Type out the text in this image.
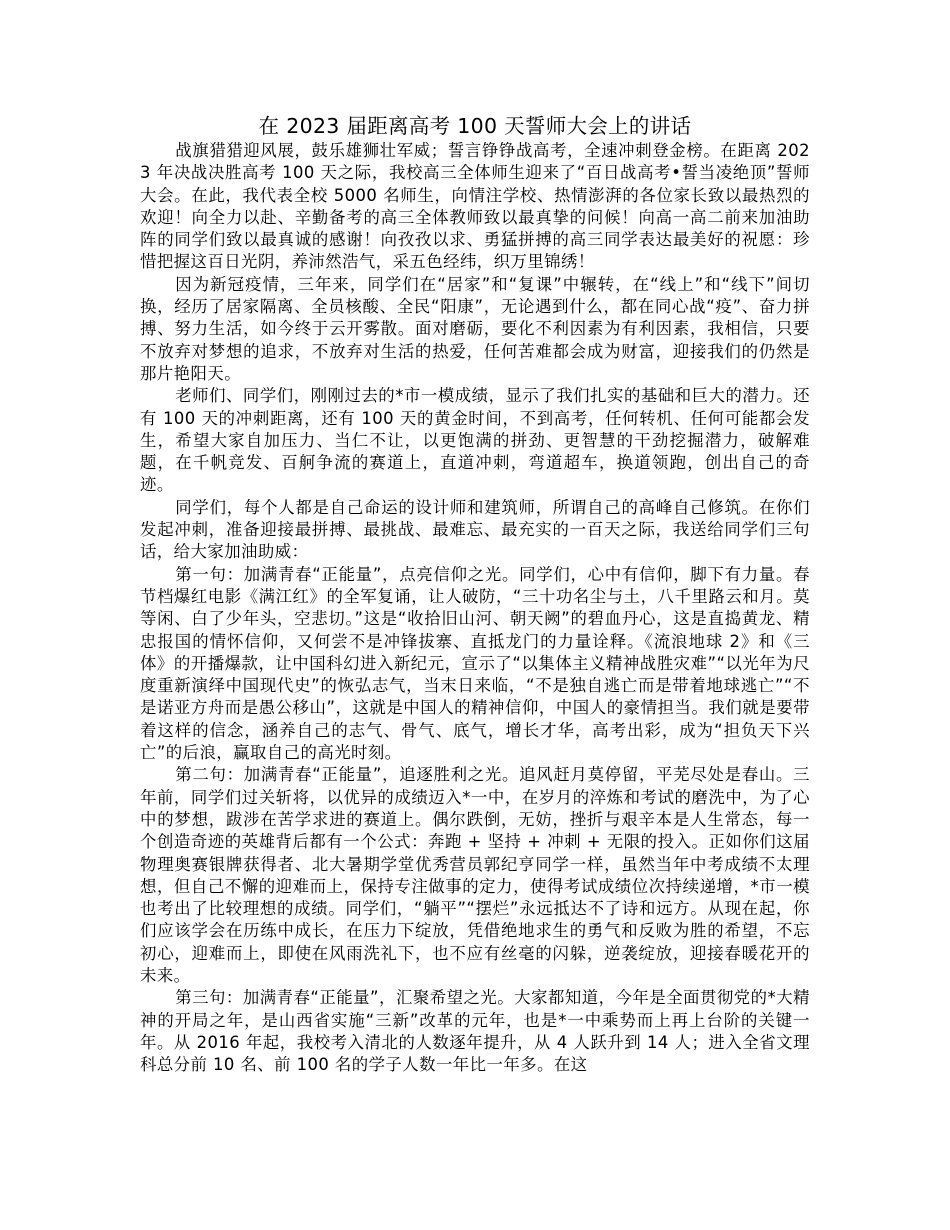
在 2023 届距离高考 100 天誓师大会上的讲话

战旗猎猎迎风展，鼓乐雄狮壮军威；誓言铮铮战高考，全速冲刺登金榜。在距离 2023 年决战决胜高考 100 天之际，我校高三全体师生迎来了“百日战高考•誓当凌绝顶”誓师大会。在此，我代表全校 5000 名师生，向情注学校、热情澎湃的各位家长致以最热烈的欢迎！向全力以赴、辛勤备考的高三全体教师致以最真挚的问候！向高一高二前来加油助阵的同学们致以最真诚的感谢！向孜孜以求、勇猛拼搏的高三同学表达最美好的祝愿：珍惜把握这百日光阴，养沛然浩气，采五色经纬，织万里锦绣！

因为新冠疫情，三年来，同学们在“居家”和“复课”中辗转，在“线上”和“线下”间切换，经历了居家隔离、全员核酸、全民“阳康”，无论遇到什么，都在同心战“疫”、奋力拼搏、努力生活，如今终于云开雾散。面对磨砺，要化不利因素为有利因素，我相信，只要不放弃对梦想的追求，不放弃对生活的热爱，任何苦难都会成为财富，迎接我们的仍然是那片艳阳天。

老师们、同学们，刚刚过去的*市一模成绩，显示了我们扎实的基础和巨大的潜力。还有 100 天的冲刺距离，还有 100 天的黄金时间，不到高考，任何转机、任何可能都会发生，希望大家自加压力、当仁不让，以更饱满的拼劲、更智慧的干劲挖掘潜力，破解难题，在千帆竞发、百舸争流的赛道上，直道冲刺，弯道超车，换道领跑，创出自己的奇迹。

同学们，每个人都是自己命运的设计师和建筑师，所谓自己的高峰自己修筑。在你们发起冲刺，准备迎接最拼搏、最挑战、最难忘、最充实的一百天之际，我送给同学们三句话，给大家加油助威：

第一句：加满青春“正能量”，点亮信仰之光。同学们，心中有信仰，脚下有力量。春节档爆红电影《满江红》的全军复诵，让人破防，“三十功名尘与土，八千里路云和月。莫等闲、白了少年头，空悲切。”这是“收拾旧山河、朝天阙”的碧血丹心，这是直捣黄龙、精忠报国的情怀信仰，又何尝不是冲锋拔寨、直抵龙门的力量诠释。《流浪地球 2》和《三体》的开播爆款，让中国科幻进入新纪元，宣示了“以集体主义精神战胜灾难”“以光年为尺度重新演绎中国现代史”的恢弘志气，当末日来临，“不是独自逃亡而是带着地球逃亡”“不是诺亚方舟而是愚公移山”，这就是中国人的精神信仰，中国人的豪情担当。我们就是要带着这样的信念，涵养自己的志气、骨气、底气，增长才华，高考出彩，成为“担负天下兴亡”的后浪，赢取自己的高光时刻。

第二句：加满青春“正能量”，追逐胜利之光。追风赶月莫停留，平芜尽处是春山。三年前，同学们过关斩将，以优异的成绩迈入*一中，在岁月的淬炼和考试的磨洗中，为了心中的梦想，跋涉在苦学求进的赛道上。偶尔跌倒，无妨，挫折与艰辛本是人生常态，每一个创造奇迹的英雄背后都有一个公式：奔跑 + 坚持 + 冲刺 + 无限的投入。正如你们这届物理奥赛银牌获得者、北大暑期学堂优秀营员郭纪亨同学一样，虽然当年中考成绩不太理想，但自己不懈的迎难而上，保持专注做事的定力，使得考试成绩位次持续递增，*市一模也考出了比较理想的成绩。同学们，“躺平”“摆烂”永远抵达不了诗和远方。从现在起，你们应该学会在历练中成长，在压力下绽放，凭借绝地求生的勇气和反败为胜的希望，不忘初心，迎难而上，即使在风雨洗礼下，也不应有丝毫的闪躲，逆袭绽放，迎接春暖花开的未来。

第三句：加满青春“正能量”，汇聚希望之光。大家都知道，今年是全面贯彻党的*大精神的开局之年，是山西省实施“三新”改革的元年，也是*一中乘势而上再上台阶的关键一年。从 2016 年起，我校考入清北的人数逐年提升，从 4 人跃升到 14 人；进入全省文理科总分前 10 名、前 100 名的学子人数一年比一年多。在这
